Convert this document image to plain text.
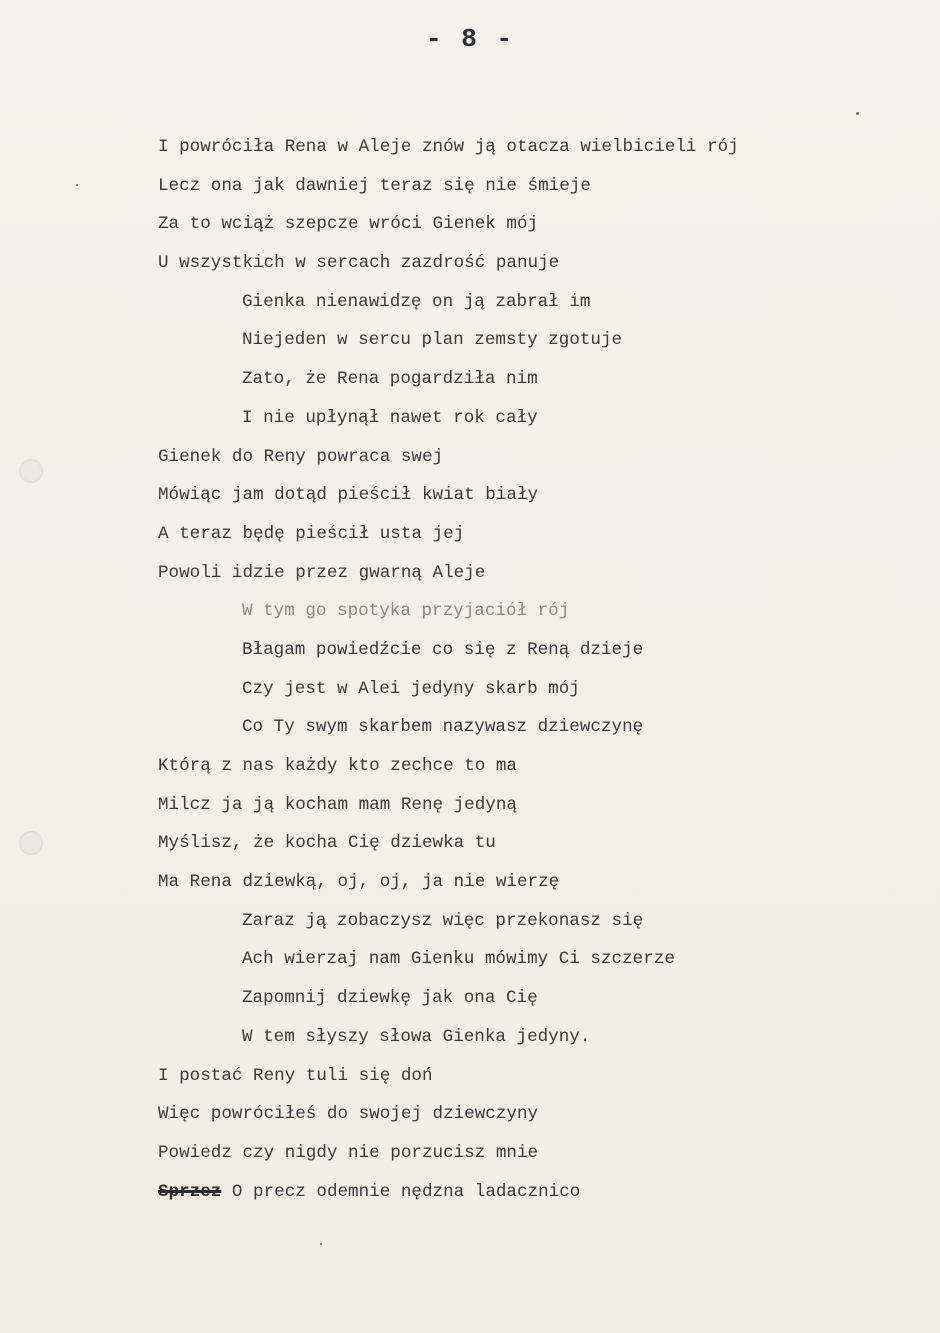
- 8 -
I powróciła Rena w Aleje znów ją otacza wielbicieli rój
Lecz ona jak dawniej teraz się nie śmieje
Za to wciąż szepcze wróci Gienek mój
U wszystkich w sercach zazdrość panuje
Gienka nienawidzę on ją zabrał im
Niejeden w sercu plan zemsty zgotuje
Zato, że Rena pogardziła nim
I nie upłynął nawet rok cały
Gienek do Reny powraca swej
Mówiąc jam dotąd pieścił kwiat biały
A teraz będę pieścił usta jej
Powoli idzie przez gwarną Aleje
W tym go spotyka przyjaciół rój
Błagam powiedźcie co się z Reną dzieje
Czy jest w Alei jedyny skarb mój
Co Ty swym skarbem nazywasz dziewczynę
Którą z nas każdy kto zechce to ma
Milcz ja ją kocham mam Renę jedyną
Myślisz, że kocha Cię dziewka tu
Ma Rena dziewką, oj, oj, ja nie wierzę
Zaraz ją zobaczysz więc przekonasz się
Ach wierzaj nam Gienku mówimy Ci szczerze
Zapomnij dziewkę jak ona Cię
W tem słyszy słowa Gienka jedyny.
I postać Reny tuli się doń
Więc powróciłeś do swojej dziewczyny
Powiedz czy nigdy nie porzucisz mnie
Sprzez O precz odemnie nędzna ladacznico
